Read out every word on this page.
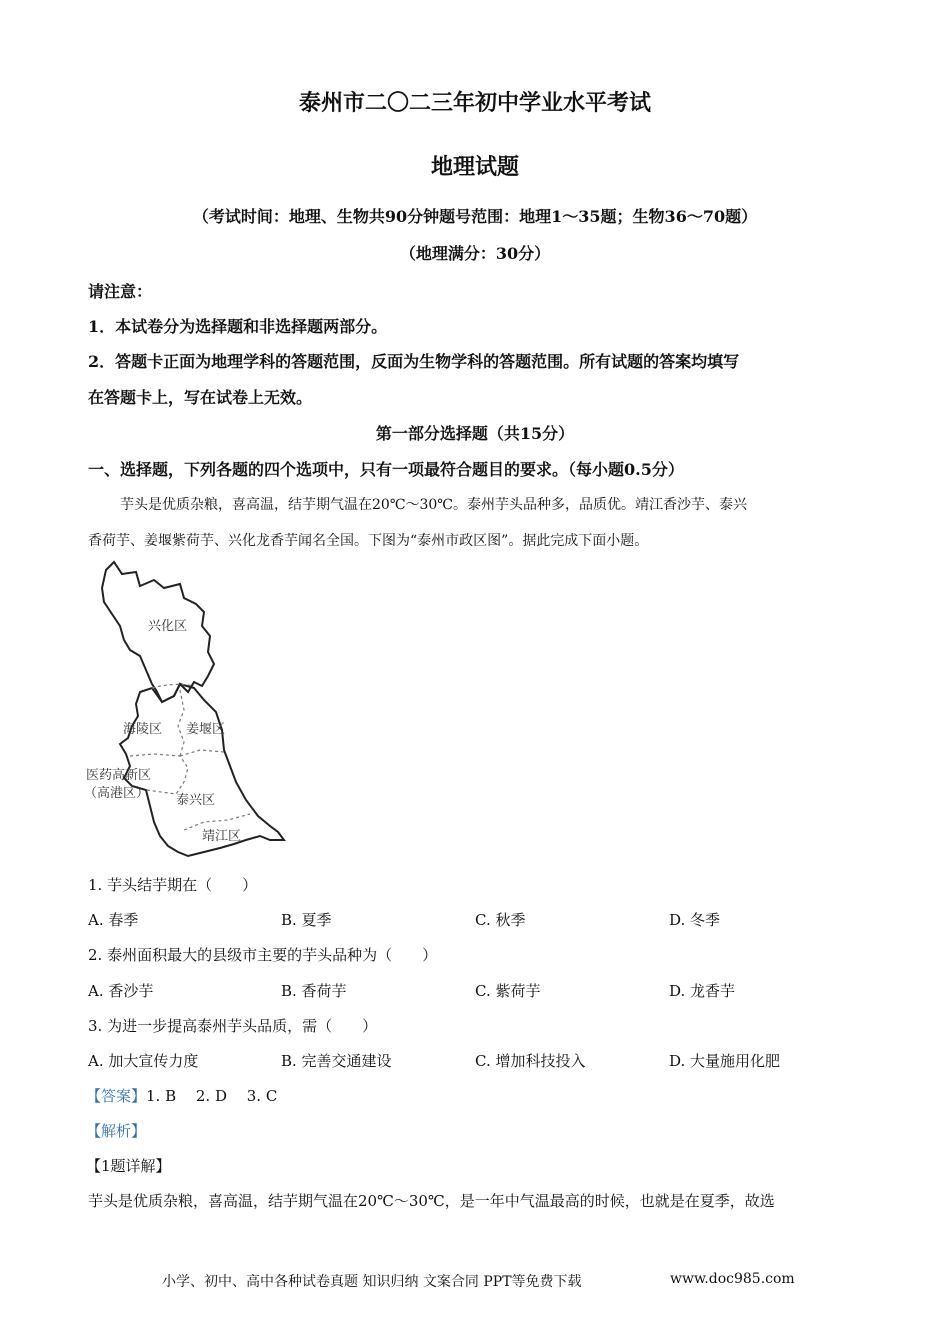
泰州市二〇二三年初中学业水平考试
地理试题
（考试时间：地理、生物共90分钟题号范围：地理1～35题；生物36～70题）
（地理满分：30分）
请注意：
1．本试卷分为选择题和非选择题两部分。
2．答题卡正面为地理学科的答题范围，反面为生物学科的答题范围。所有试题的答案均填写
在答题卡上，写在试卷上无效。
第一部分选择题（共15分）
一、选择题，下列各题的四个选项中，只有一项最符合题目的要求。（每小题0.5分）
芋头是优质杂粮，喜高温，结芋期气温在20℃～30℃。泰州芋头品种多，品质优。靖江香沙芋、泰兴
香荷芋、姜堰紫荷芋、兴化龙香芋闻名全国。下图为“泰州市政区图”。据此完成下面小题。
兴化区
海陵区 姜堰区
医药高新区
（高港区） 泰兴区
靖江区
1. 芋头结芋期在（　　）
A. 春季	B. 夏季	C. 秋季	D. 冬季
2. 泰州面积最大的县级市主要的芋头品种为（　　）
A. 香沙芋	B. 香荷芋	C. 紫荷芋	D. 龙香芋
3. 为进一步提高泰州芋头品质，需（　　）
A. 加大宣传力度	B. 完善交通建设	C. 增加科技投入	D. 大量施用化肥
【答案】1. B　 2. D　 3. C
【解析】
【1题详解】
芋头是优质杂粮，喜高温，结芋期气温在20℃～30℃，是一年中气温最高的时候，也就是在夏季，故选
小学、初中、高中各种试卷真题 知识归纳 文案合同 PPT等免费下载	www.doc985.com
